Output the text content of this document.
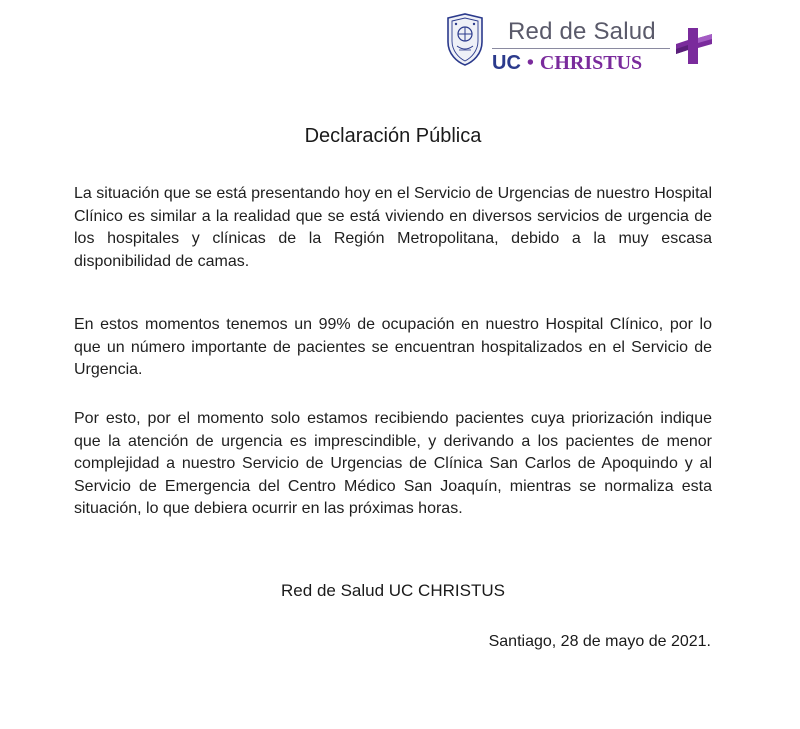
Red de Salud
UC • CHRISTUS
Declaración Pública

La situación que se está presentando hoy en el Servicio de Urgencias de nuestro Hospital Clínico es similar a la realidad que se está viviendo en diversos servicios de urgencia de los hospitales y clínicas de la Región Metropolitana, debido a la muy escasa disponibilidad de camas.

En estos momentos tenemos un 99% de ocupación en nuestro Hospital Clínico, por lo que un número importante de pacientes se encuentran hospitalizados en el Servicio de Urgencia.

Por esto, por el momento solo estamos recibiendo pacientes cuya priorización indique que la atención de urgencia es imprescindible, y derivando a los pacientes de menor complejidad a nuestro Servicio de Urgencias de Clínica San Carlos de Apoquindo y al Servicio de Emergencia del Centro Médico San Joaquín, mientras se normaliza esta situación, lo que debiera ocurrir en las próximas horas.

Red de Salud UC CHRISTUS
Santiago, 28 de mayo de 2021.
